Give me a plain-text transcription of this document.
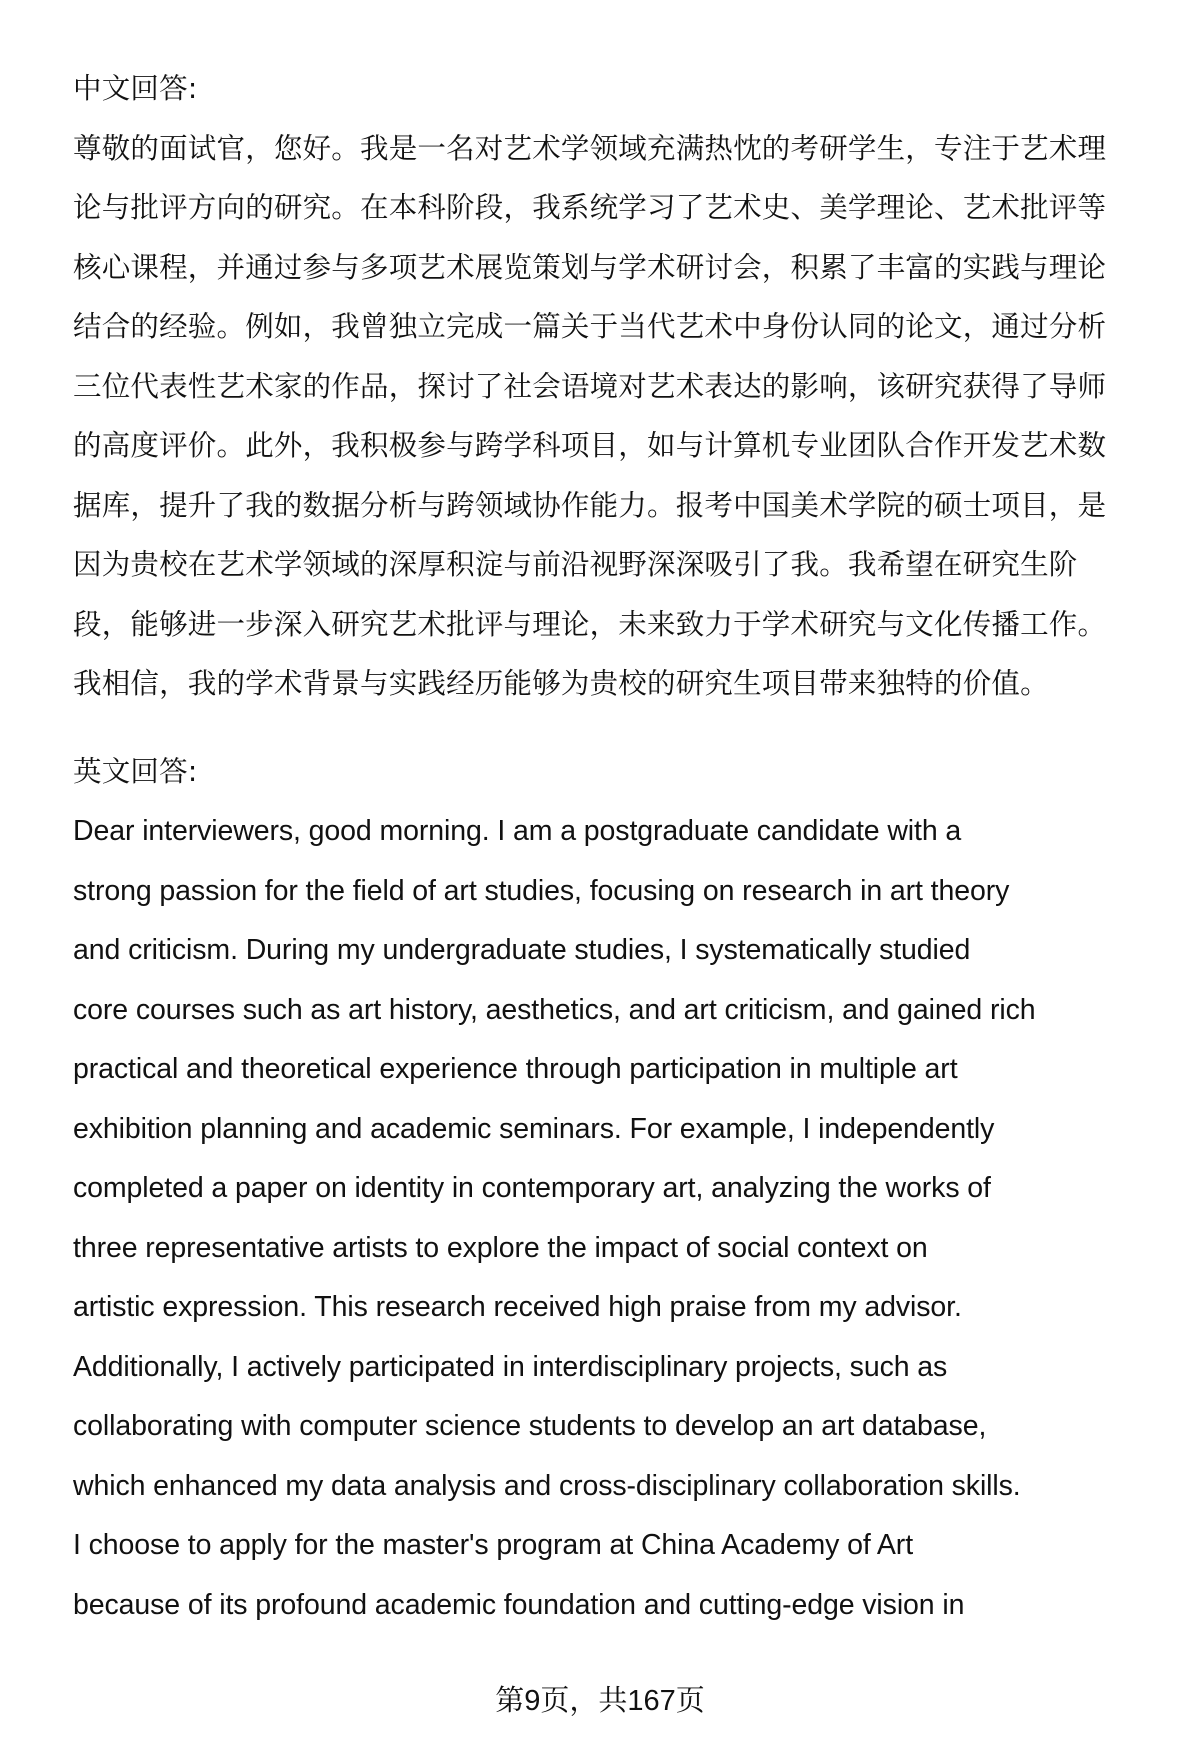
中文回答:
尊敬的面试官，您好。我是一名对艺术学领域充满热忱的考研学生，专注于艺术理
论与批评方向的研究。在本科阶段，我系统学习了艺术史、美学理论、艺术批评等
核心课程，并通过参与多项艺术展览策划与学术研讨会，积累了丰富的实践与理论
结合的经验。例如，我曾独立完成一篇关于当代艺术中身份认同的论文，通过分析
三位代表性艺术家的作品，探讨了社会语境对艺术表达的影响，该研究获得了导师
的高度评价。此外，我积极参与跨学科项目，如与计算机专业团队合作开发艺术数
据库，提升了我的数据分析与跨领域协作能力。报考中国美术学院的硕士项目，是
因为贵校在艺术学领域的深厚积淀与前沿视野深深吸引了我。我希望在研究生阶
段，能够进一步深入研究艺术批评与理论，未来致力于学术研究与文化传播工作。
我相信，我的学术背景与实践经历能够为贵校的研究生项目带来独特的价值。
英文回答:
Dear interviewers, good morning. I am a postgraduate candidate with a
strong passion for the field of art studies, focusing on research in art theory
and criticism. During my undergraduate studies, I systematically studied
core courses such as art history, aesthetics, and art criticism, and gained rich
practical and theoretical experience through participation in multiple art
exhibition planning and academic seminars. For example, I independently
completed a paper on identity in contemporary art, analyzing the works of
three representative artists to explore the impact of social context on
artistic expression. This research received high praise from my advisor.
Additionally, I actively participated in interdisciplinary projects, such as
collaborating with computer science students to develop an art database,
which enhanced my data analysis and cross-disciplinary collaboration skills.
I choose to apply for the master's program at China Academy of Art
because of its profound academic foundation and cutting-edge vision in
第9页，共167页
